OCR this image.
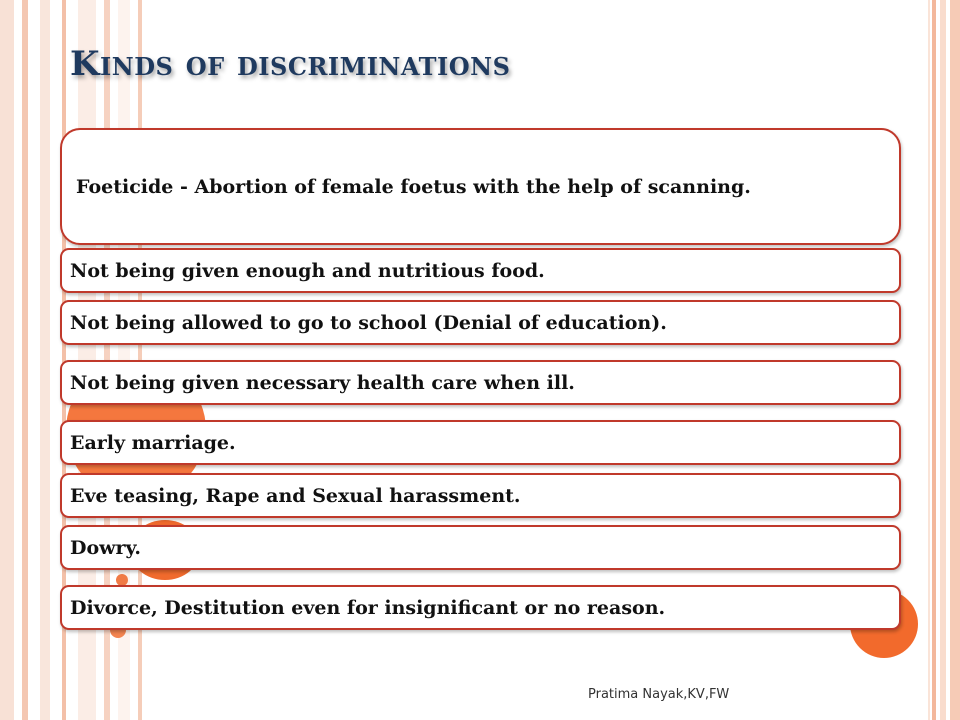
Kinds of discriminations
Foeticide - Abortion of female foetus with the help of scanning.
Not being given enough and nutritious food.
Not being allowed to go to school (Denial of education).
Not being given necessary health care when ill.
Early marriage.
Eve teasing, Rape and Sexual harassment.
Dowry.
Divorce, Destitution even for insignificant or no reason.
Pratima Nayak,KV,FW
